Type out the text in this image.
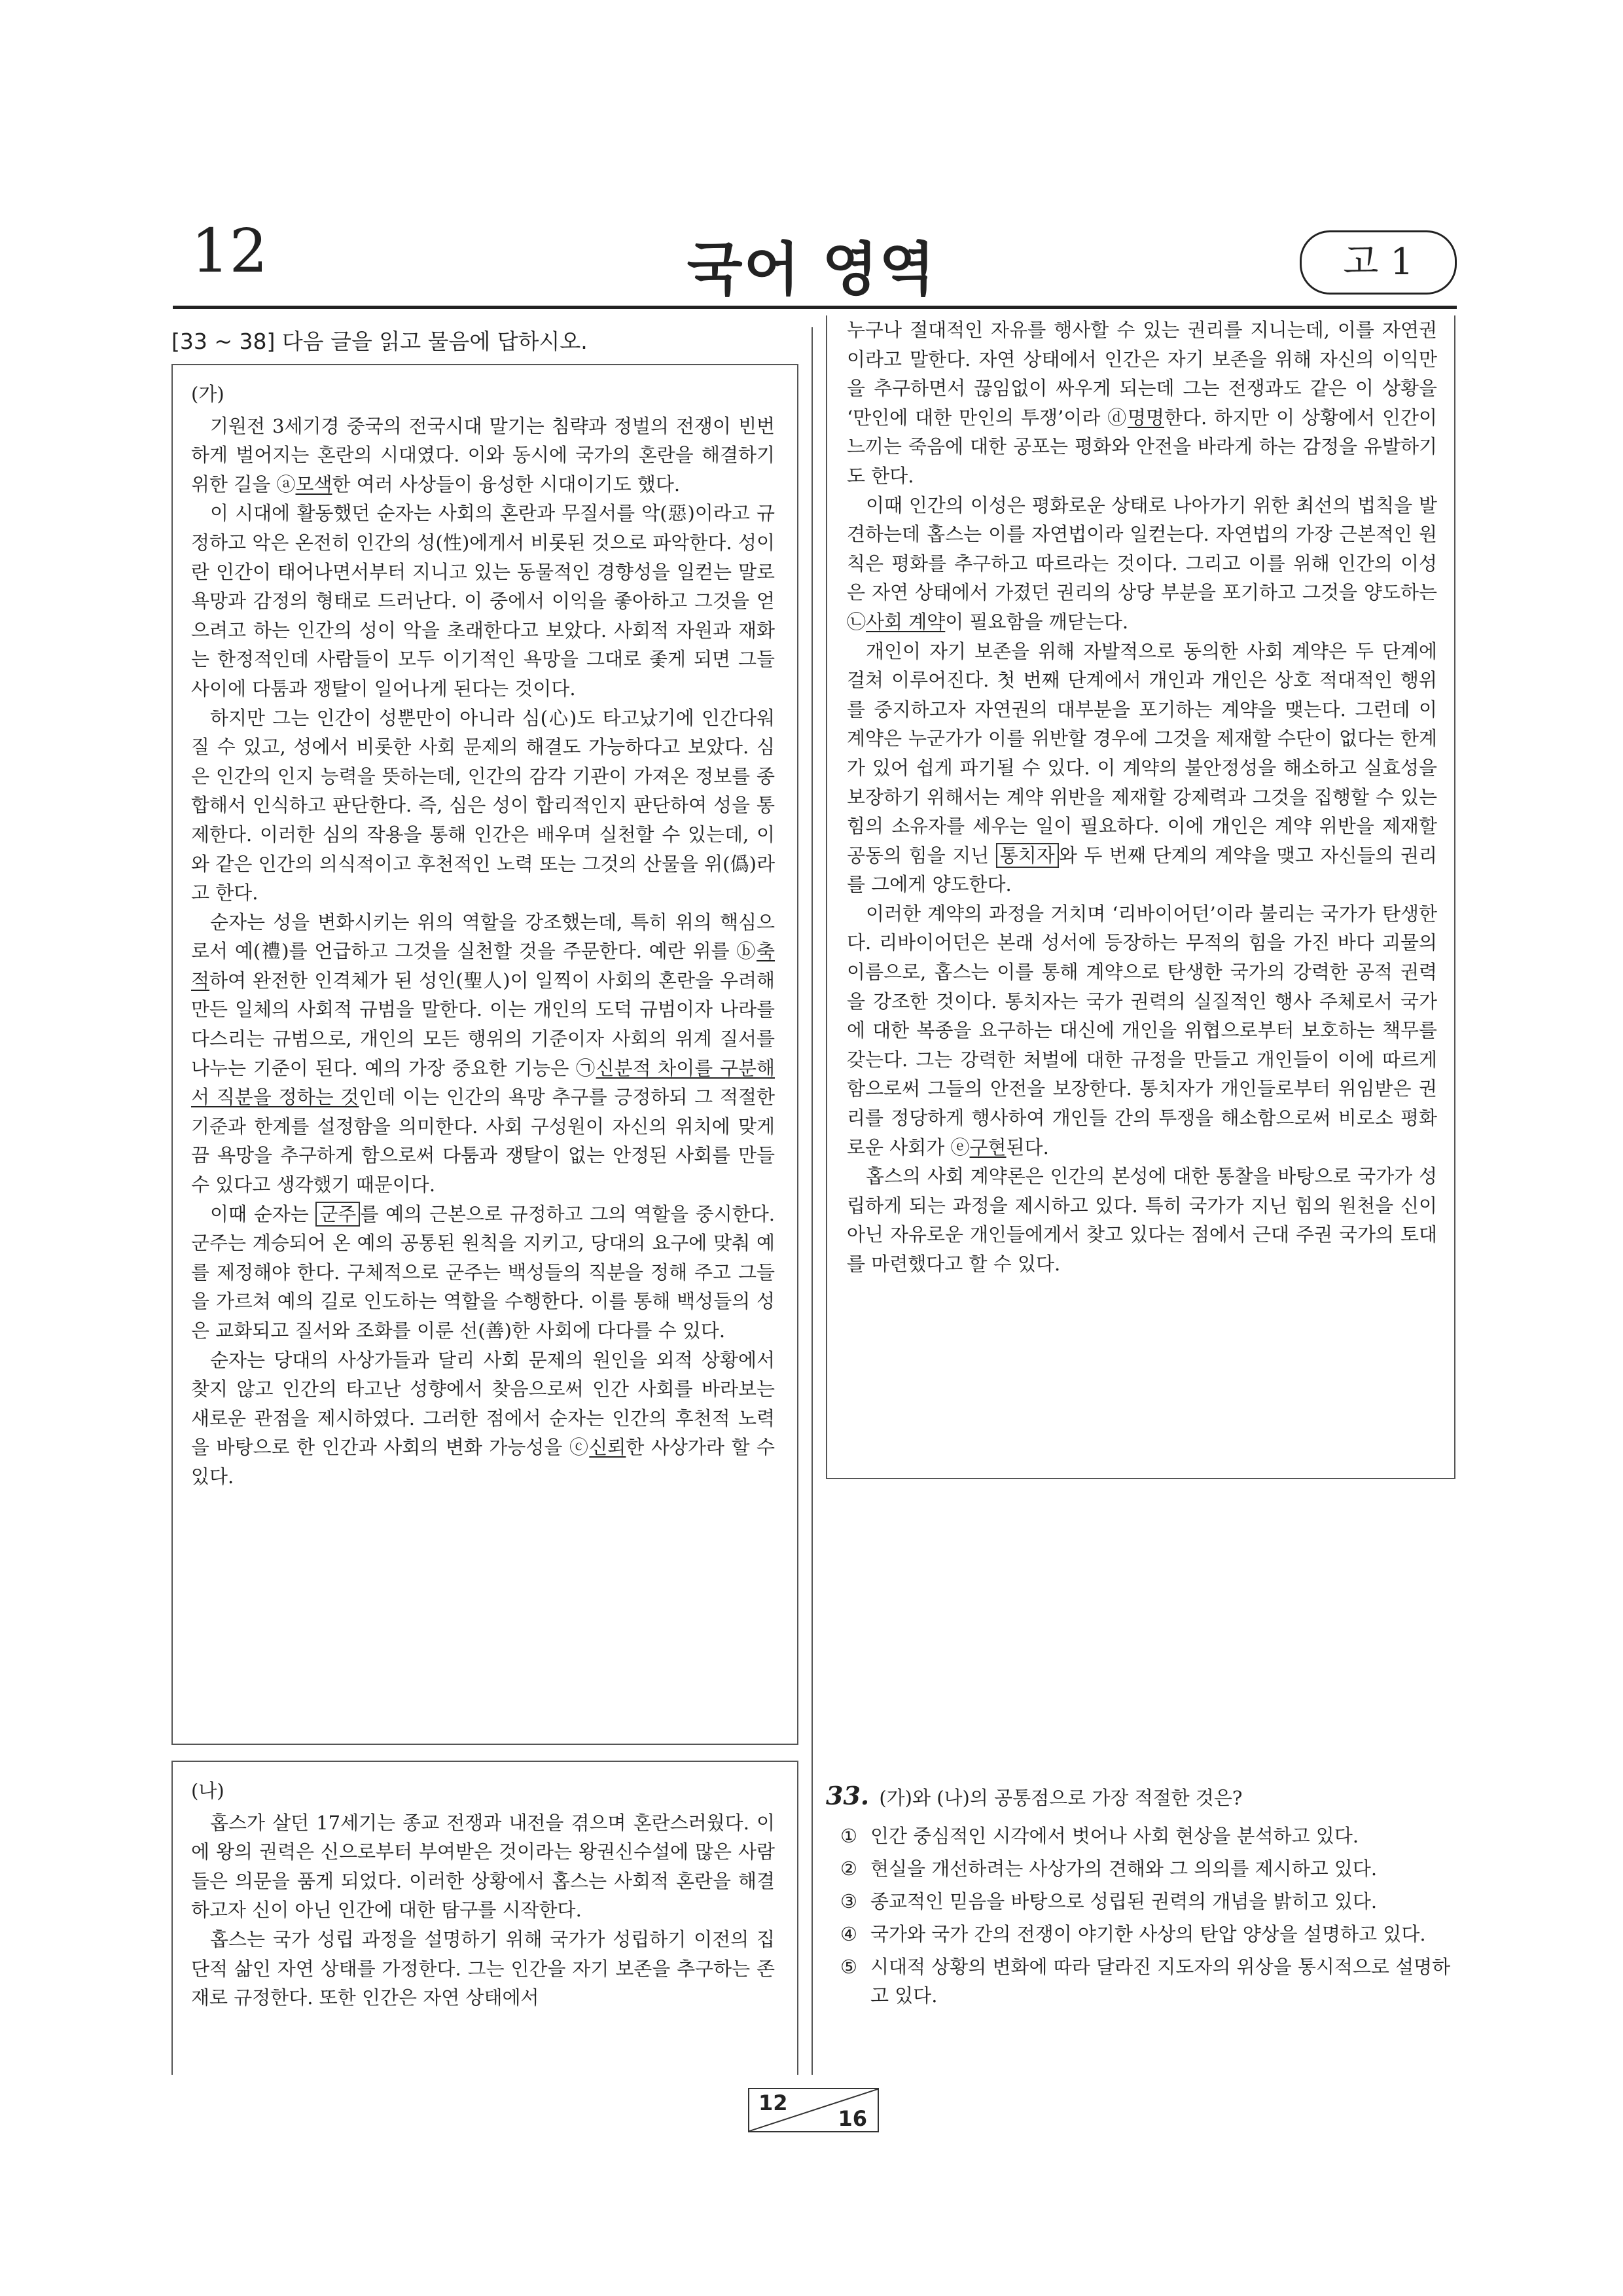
12	국어 영역	고 1
[33 ~ 38] 다음 글을 읽고 물음에 답하시오.

(가)

기원전 3세기경 중국의 전국시대 말기는 침략과 정벌의 전쟁이 빈번하게 벌어지는 혼란의 시대였다. 이와 동시에 국가의 혼란을 해결하기 위한 길을 ⓐ모색한 여러 사상들이 융성한 시대이기도 했다.

이 시대에 활동했던 순자는 사회의 혼란과 무질서를 악(惡)이라고 규정하고 악은 온전히 인간의 성(性)에게서 비롯된 것으로 파악한다. 성이란 인간이 태어나면서부터 지니고 있는 동물적인 경향성을 일컫는 말로 욕망과 감정의 형태로 드러난다. 이 중에서 이익을 좋아하고 그것을 얻으려고 하는 인간의 성이 악을 초래한다고 보았다. 사회적 자원과 재화는 한정적인데 사람들이 모두 이기적인 욕망을 그대로 좇게 되면 그들 사이에 다툼과 쟁탈이 일어나게 된다는 것이다.

하지만 그는 인간이 성뿐만이 아니라 심(心)도 타고났기에 인간다워질 수 있고, 성에서 비롯한 사회 문제의 해결도 가능하다고 보았다. 심은 인간의 인지 능력을 뜻하는데, 인간의 감각 기관이 가져온 정보를 종합해서 인식하고 판단한다. 즉, 심은 성이 합리적인지 판단하여 성을 통제한다. 이러한 심의 작용을 통해 인간은 배우며 실천할 수 있는데, 이와 같은 인간의 의식적이고 후천적인 노력 또는 그것의 산물을 위(僞)라고 한다.

순자는 성을 변화시키는 위의 역할을 강조했는데, 특히 위의 핵심으로서 예(禮)를 언급하고 그것을 실천할 것을 주문한다. 예란 위를 ⓑ축적하여 완전한 인격체가 된 성인(聖人)이 일찍이 사회의 혼란을 우려해 만든 일체의 사회적 규범을 말한다. 이는 개인의 도덕 규범이자 나라를 다스리는 규범으로, 개인의 모든 행위의 기준이자 사회의 위계 질서를 나누는 기준이 된다. 예의 가장 중요한 기능은 ㉠신분적 차이를 구분해서 직분을 정하는 것인데 이는 인간의 욕망 추구를 긍정하되 그 적절한 기준과 한계를 설정함을 의미한다. 사회 구성원이 자신의 위치에 맞게끔 욕망을 추구하게 함으로써 다툼과 쟁탈이 없는 안정된 사회를 만들 수 있다고 생각했기 때문이다.

이때 순자는 군주 를 예의 근본으로 규정하고 그의 역할을 중시한다. 군주는 계승되어 온 예의 공통된 원칙을 지키고, 당대의 요구에 맞춰 예를 제정해야 한다. 구체적으로 군주는 백성들의 직분을 정해 주고 그들을 가르쳐 예의 길로 인도하는 역할을 수행한다. 이를 통해 백성들의 성은 교화되고 질서와 조화를 이룬 선(善)한 사회에 다다를 수 있다.

순자는 당대의 사상가들과 달리 사회 문제의 원인을 외적 상황에서 찾지 않고 인간의 타고난 성향에서 찾음으로써 인간 사회를 바라보는 새로운 관점을 제시하였다. 그러한 점에서 순자는 인간의 후천적 노력을 바탕으로 한 인간과 사회의 변화 가능성을 ⓒ신뢰한 사상가라 할 수 있다.

(나)

홉스가 살던 17세기는 종교 전쟁과 내전을 겪으며 혼란스러웠다. 이에 왕의 권력은 신으로부터 부여받은 것이라는 왕권신수설에 많은 사람들은 의문을 품게 되었다. 이러한 상황에서 홉스는 사회적 혼란을 해결하고자 신이 아닌 인간에 대한 탐구를 시작한다.

홉스는 국가 성립 과정을 설명하기 위해 국가가 성립하기 이전의 집단적 삶인 자연 상태를 가정한다. 그는 인간을 자기 보존을 추구하는 존재로 규정한다. 또한 인간은 자연 상태에서

누구나 절대적인 자유를 행사할 수 있는 권리를 지니는데, 이를 자연권이라고 말한다. 자연 상태에서 인간은 자기 보존을 위해 자신의 이익만을 추구하면서 끊임없이 싸우게 되는데 그는 전쟁과도 같은 이 상황을 ‘만인에 대한 만인의 투쟁’이라 ⓓ명명한다. 하지만 이 상황에서 인간이 느끼는 죽음에 대한 공포는 평화와 안전을 바라게 하는 감정을 유발하기도 한다.

이때 인간의 이성은 평화로운 상태로 나아가기 위한 최선의 법칙을 발견하는데 홉스는 이를 자연법이라 일컫는다. 자연법의 가장 근본적인 원칙은 평화를 추구하고 따르라는 것이다. 그리고 이를 위해 인간의 이성은 자연 상태에서 가졌던 권리의 상당 부분을 포기하고 그것을 양도하는 ㉡사회 계약이 필요함을 깨닫는다.

개인이 자기 보존을 위해 자발적으로 동의한 사회 계약은 두 단계에 걸쳐 이루어진다. 첫 번째 단계에서 개인과 개인은 상호 적대적인 행위를 중지하고자 자연권의 대부분을 포기하는 계약을 맺는다. 그런데 이 계약은 누군가가 이를 위반할 경우에 그것을 제재할 수단이 없다는 한계가 있어 쉽게 파기될 수 있다. 이 계약의 불안정성을 해소하고 실효성을 보장하기 위해서는 계약 위반을 제재할 강제력과 그것을 집행할 수 있는 힘의 소유자를 세우는 일이 필요하다. 이에 개인은 계약 위반을 제재할 공동의 힘을 지닌 통치자 와 두 번째 단계의 계약을 맺고 자신들의 권리를 그에게 양도한다.

이러한 계약의 과정을 거치며 ‘리바이어던’이라 불리는 국가가 탄생한다. 리바이어던은 본래 성서에 등장하는 무적의 힘을 가진 바다 괴물의 이름으로, 홉스는 이를 통해 계약으로 탄생한 국가의 강력한 공적 권력을 강조한 것이다. 통치자는 국가 권력의 실질적인 행사 주체로서 국가에 대한 복종을 요구하는 대신에 개인을 위협으로부터 보호하는 책무를 갖는다. 그는 강력한 처벌에 대한 규정을 만들고 개인들이 이에 따르게 함으로써 그들의 안전을 보장한다. 통치자가 개인들로부터 위임받은 권리를 정당하게 행사하여 개인들 간의 투쟁을 해소함으로써 비로소 평화로운 사회가 ⓔ구현된다.

홉스의 사회 계약론은 인간의 본성에 대한 통찰을 바탕으로 국가가 성립하게 되는 과정을 제시하고 있다. 특히 국가가 지닌 힘의 원천을 신이 아닌 자유로운 개인들에게서 찾고 있다는 점에서 근대 주권 국가의 토대를 마련했다고 할 수 있다.

33. (가)와 (나)의 공통점으로 가장 적절한 것은?
① 인간 중심적인 시각에서 벗어나 사회 현상을 분석하고 있다.
② 현실을 개선하려는 사상가의 견해와 그 의의를 제시하고 있다.
③ 종교적인 믿음을 바탕으로 성립된 권력의 개념을 밝히고 있다.
④ 국가와 국가 간의 전쟁이 야기한 사상의 탄압 양상을 설명하고 있다.
⑤ 시대적 상황의 변화에 따라 달라진 지도자의 위상을 통시적으로 설명하고 있다.
12
16
